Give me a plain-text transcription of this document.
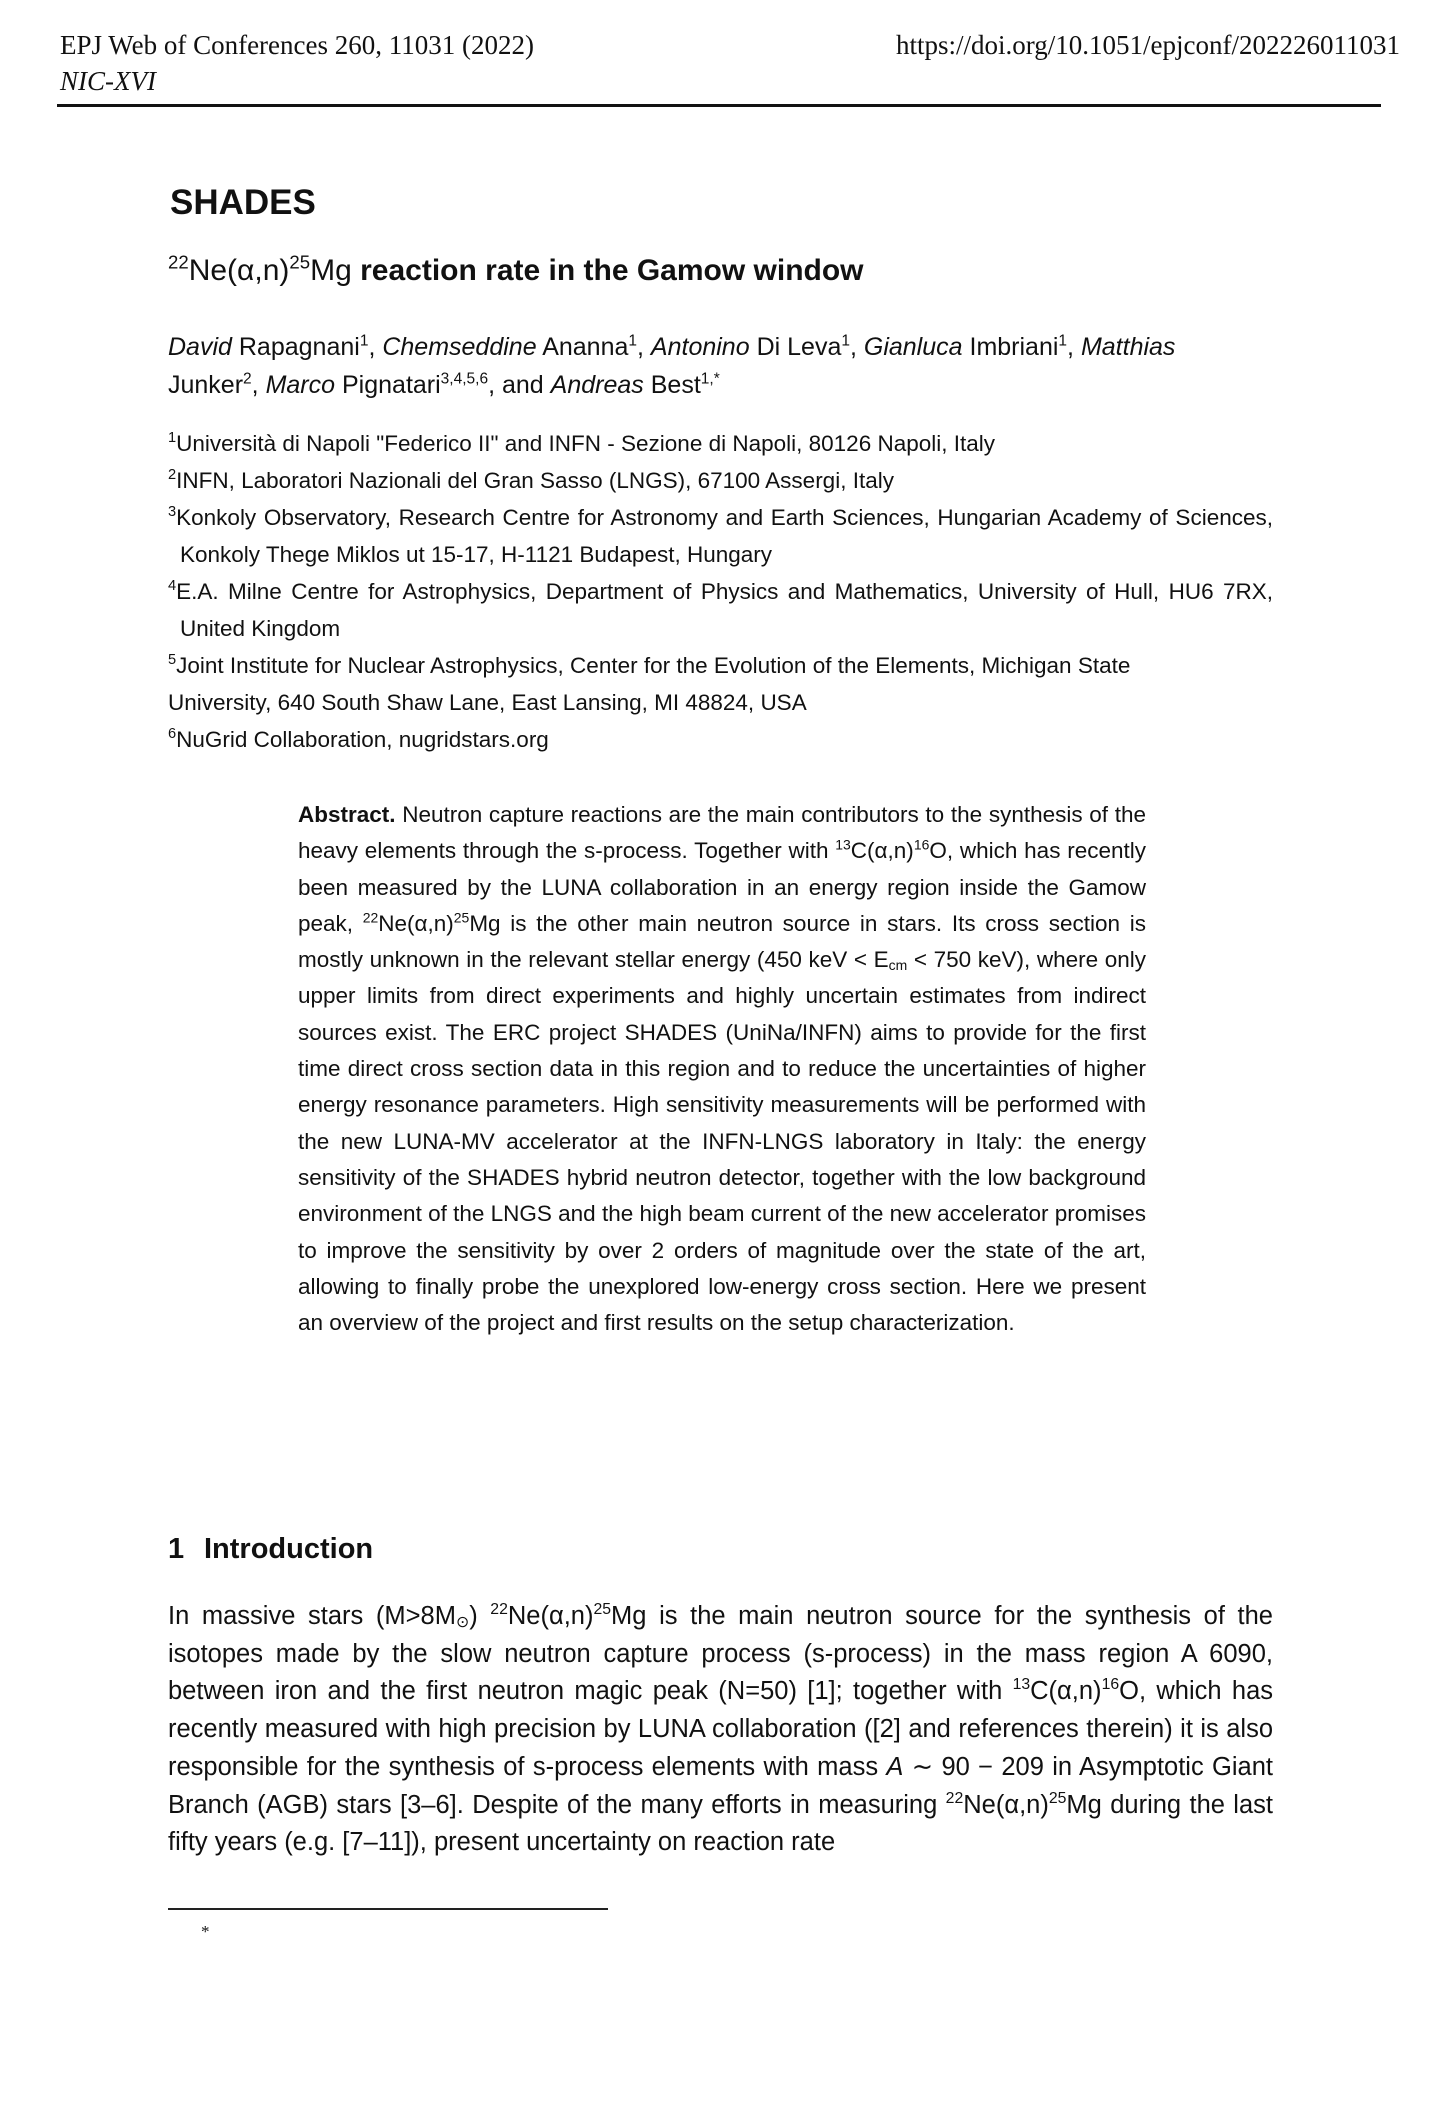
EPJ Web of Conferences 260, 11031 (2022)	https://doi.org/10.1051/epjconf/202226011031
NIC-XVI
SHADES
$^{22}Ne(\alpha,n)^{25}Mg$ reaction rate in the Gamow window
David Rapagnani$^1$, Chemseddine Ananna$^1$, Antonino Di Leva$^1$, Gianluca Imbriani$^1$, Matthias
Junker$^2$, Marco Pignatari$^{3,4,5,6}$, and Andreas Best$^{1,*}$
$^1$Università di Napoli "Federico II" and INFN - Sezione di Napoli, 80126 Napoli, Italy
$^2$INFN, Laboratori Nazionali del Gran Sasso (LNGS), 67100 Assergi, Italy
$^3$Konkoly Observatory, Research Centre for Astronomy and Earth Sciences, Hungarian Academy of Sciences, Konkoly Thege Miklos ut 15-17, H-1121 Budapest, Hungary
$^4$E.A. Milne Centre for Astrophysics, Department of Physics and Mathematics, University of Hull, HU6 7RX, United Kingdom
$^5$Joint Institute for Nuclear Astrophysics, Center for the Evolution of the Elements, Michigan State
University, 640 South Shaw Lane, East Lansing, MI 48824, USA
$^6$NuGrid Collaboration, nugridstars.org
Abstract. Neutron capture reactions are the main contributors to the synthesis of the heavy elements through the s-process. Together with $^{13}C(\alpha,n)^{16}O$, which has recently been measured by the LUNA collaboration in an energy region inside the Gamow peak, $^{22}Ne(\alpha,n)^{25}Mg$ is the other main neutron source in stars. Its cross section is mostly unknown in the relevant stellar energy (450 keV < $E_{cm} < 750$ keV), where only upper limits from direct experiments and highly uncertain estimates from indirect sources exist. The ERC project SHADES (UniNa/INFN) aims to provide for the first time direct cross section data in this region and to reduce the uncertainties of higher energy resonance parameters. High sensitivity measurements will be performed with the new LUNA-MV accelerator at the INFN-LNGS laboratory in Italy: the energy sensitivity of the SHADES hybrid neutron detector, together with the low background environment of the LNGS and the high beam current of the new accelerator promises to improve the sensitivity by over 2 orders of magnitude over the state of the art, allowing to finally probe the unexplored low-energy cross section. Here we present an overview of the project and first results on the setup characterization.
1 Introduction
In massive stars $(M>8M_⊙)$ $^{22}Ne(\alpha,n)^{25}Mg$ is the main neutron source for the synthesis of the isotopes made by the slow neutron capture process (s-process) in the mass region A 6090, between iron and the first neutron magic peak (N=50) [1]; together with $^{13}C(\alpha,n)^{16}O$, which has recently measured with high precision by LUNA collaboration ([2] and references therein) it is also responsible for the synthesis of s-process elements with mass A ∼ 90 − 209 in Asymptotic Giant Branch (AGB) stars [3–6]. Despite of the many efforts in measuring $^{22}Ne(\alpha,n)^{25}Mg$ during the last fifty years (e.g. [7–11]), present uncertainty on reaction rate
*
